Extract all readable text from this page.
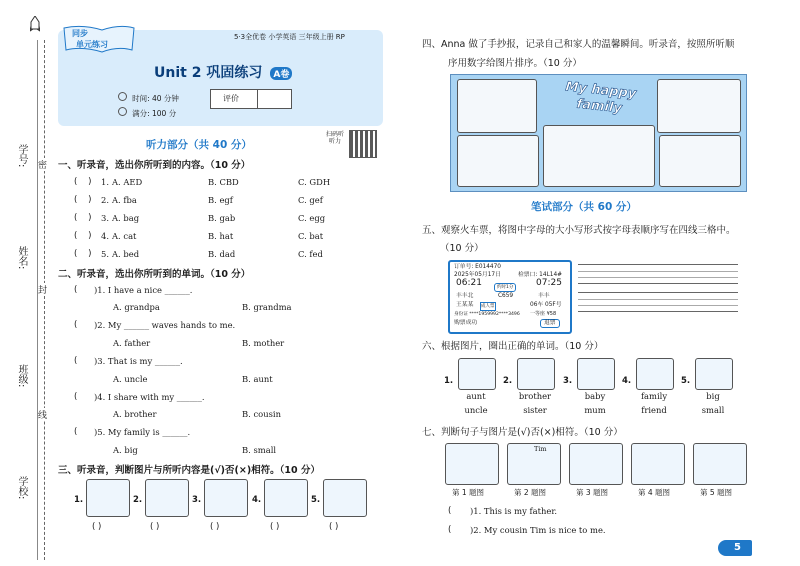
学号:
姓名:
班级:
学校:
密
封
线
5·3全优卷 小学英语 三年级上册 RP
同步
单元练习
Unit 2 巩固练习 A卷
时间: 40 分钟
满分: 100 分
评价
听力部分（共 40 分）
扫码听听力
一、听录音，选出你所听到的内容。（10 分）
(    ) 1. A. AED	B. CBD	C. GDH
(    ) 2. A. fba	B. egf	C. gef
(    ) 3. A. bag	B. gab	C. egg
(    ) 4. A. cat	B. hat	C. bat
(    ) 5. A. bed	B. dad	C. fed
二、听录音，选出你所听到的单词。（10 分）
( )1. I have a nice ______.
A. grandpa	B. grandma
( )2. My ______ waves hands to me.
A. father	B. mother
( )3. That is my ______.
A. uncle	B. aunt
( )4. I share with my ______.
A. brother	B. cousin
( )5. My family is ______.
A. big	B. small
三、听录音，判断图片与所听内容是(√)否(×)相符。（10 分）
1.
( )
2.
( )
3.
( )
4.
( )
5.
( )
四、Anna 做了手抄报，记录自己和家人的温馨瞬间。听录音，按照所听顺
序用数字给图片排序。（10 分）
My happy family
笔试部分（共 60 分）
五、观察火车票，将图中字母的大小写形式按字母表顺序写在四线三格中。
（10 分）
订单号: E014470
2025年05月17日	检票口: 14L14#
06:21	约时1分	07:25
丰丰北	C659	丰丰
王某某 成人票	06车 05F号
身份证 ****1959992****3496 一等座 ¥58
购票成功	退票
六、根据图片，圈出正确的单词。（10 分）
1.
aunt
uncle
2.
brother
sister
3.
baby
mum
4.
family
friend
5.
big
small
七、判断句子与图片是(√)否(×)相符。（10 分）
第 1 题图
Tim
第 2 题图	第 3 题图	第 4 题图	第 5 题图
( )1. This is my father.
( )2. My cousin Tim is nice to me.
5
